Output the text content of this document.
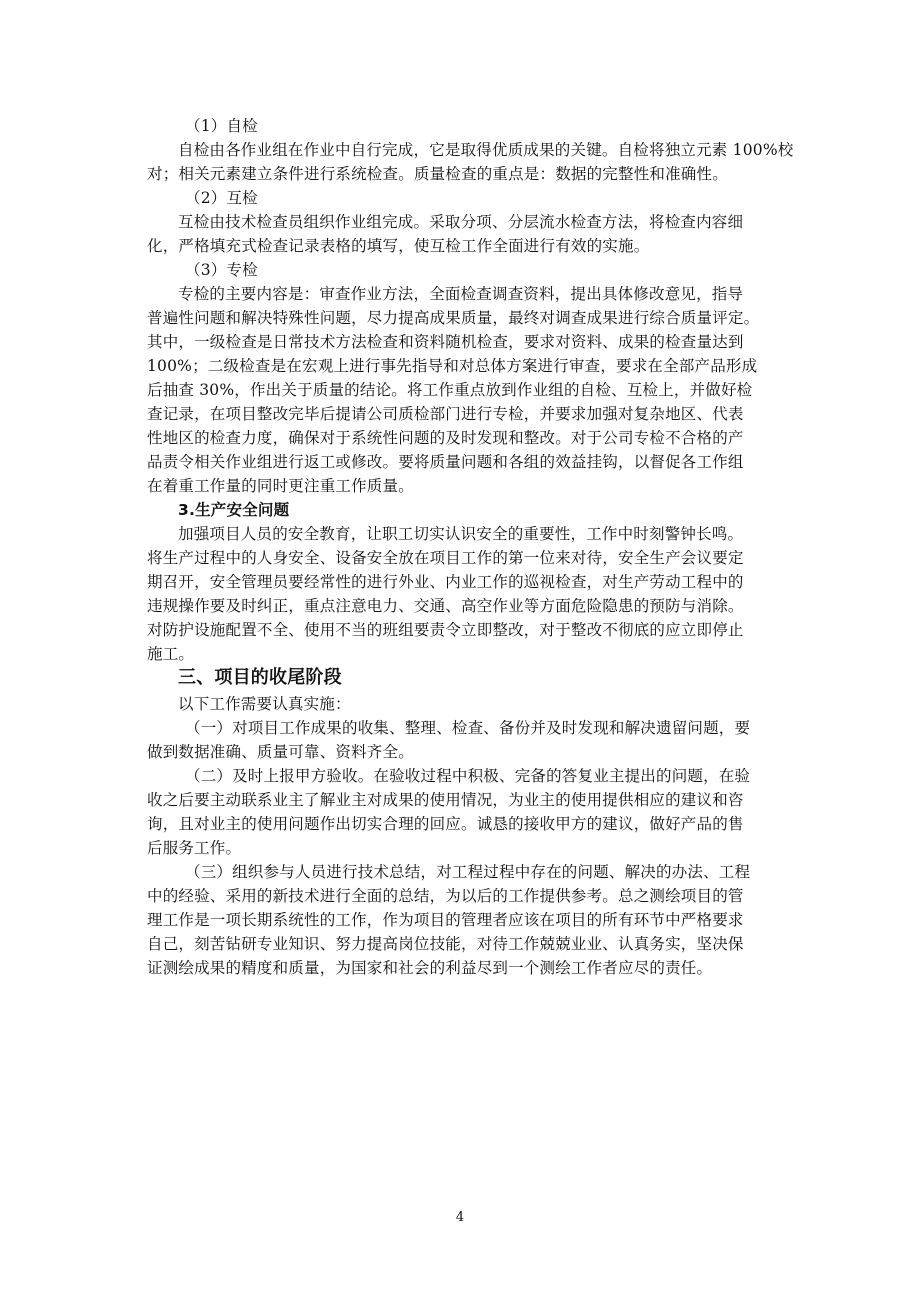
（1）自检
自检由各作业组在作业中自行完成，它是取得优质成果的关键。自检将独立元素 100%校
对；相关元素建立条件进行系统检查。质量检查的重点是：数据的完整性和准确性。
（2）互检
互检由技术检查员组织作业组完成。采取分项、分层流水检查方法，将检查内容细
化，严格填充式检查记录表格的填写，使互检工作全面进行有效的实施。
（3）专检
专检的主要内容是：审查作业方法，全面检查调查资料，提出具体修改意见，指导
普遍性问题和解决特殊性问题，尽力提高成果质量，最终对调查成果进行综合质量评定。
其中，一级检查是日常技术方法检查和资料随机检查，要求对资料、成果的检查量达到
100%；二级检查是在宏观上进行事先指导和对总体方案进行审查，要求在全部产品形成
后抽查 30%，作出关于质量的结论。将工作重点放到作业组的自检、互检上，并做好检
查记录，在项目整改完毕后提请公司质检部门进行专检，并要求加强对复杂地区、代表
性地区的检查力度，确保对于系统性问题的及时发现和整改。对于公司专检不合格的产
品责令相关作业组进行返工或修改。要将质量问题和各组的效益挂钩，以督促各工作组
在着重工作量的同时更注重工作质量。
3.生产安全问题
加强项目人员的安全教育，让职工切实认识安全的重要性，工作中时刻警钟长鸣。
将生产过程中的人身安全、设备安全放在项目工作的第一位来对待，安全生产会议要定
期召开，安全管理员要经常性的进行外业、内业工作的巡视检查，对生产劳动工程中的
违规操作要及时纠正，重点注意电力、交通、高空作业等方面危险隐患的预防与消除。
对防护设施配置不全、使用不当的班组要责令立即整改，对于整改不彻底的应立即停止
施工。
三、项目的收尾阶段
以下工作需要认真实施：
（一）对项目工作成果的收集、整理、检查、备份并及时发现和解决遗留问题，要
做到数据准确、质量可靠、资料齐全。
（二）及时上报甲方验收。在验收过程中积极、完备的答复业主提出的问题，在验
收之后要主动联系业主了解业主对成果的使用情况，为业主的使用提供相应的建议和咨
询，且对业主的使用问题作出切实合理的回应。诚恳的接收甲方的建议，做好产品的售
后服务工作。
（三）组织参与人员进行技术总结，对工程过程中存在的问题、解决的办法、工程
中的经验、采用的新技术进行全面的总结，为以后的工作提供参考。总之测绘项目的管
理工作是一项长期系统性的工作，作为项目的管理者应该在项目的所有环节中严格要求
自己，刻苦钻研专业知识、努力提高岗位技能，对待工作兢兢业业、认真务实，坚决保
证测绘成果的精度和质量，为国家和社会的利益尽到一个测绘工作者应尽的责任。
4
